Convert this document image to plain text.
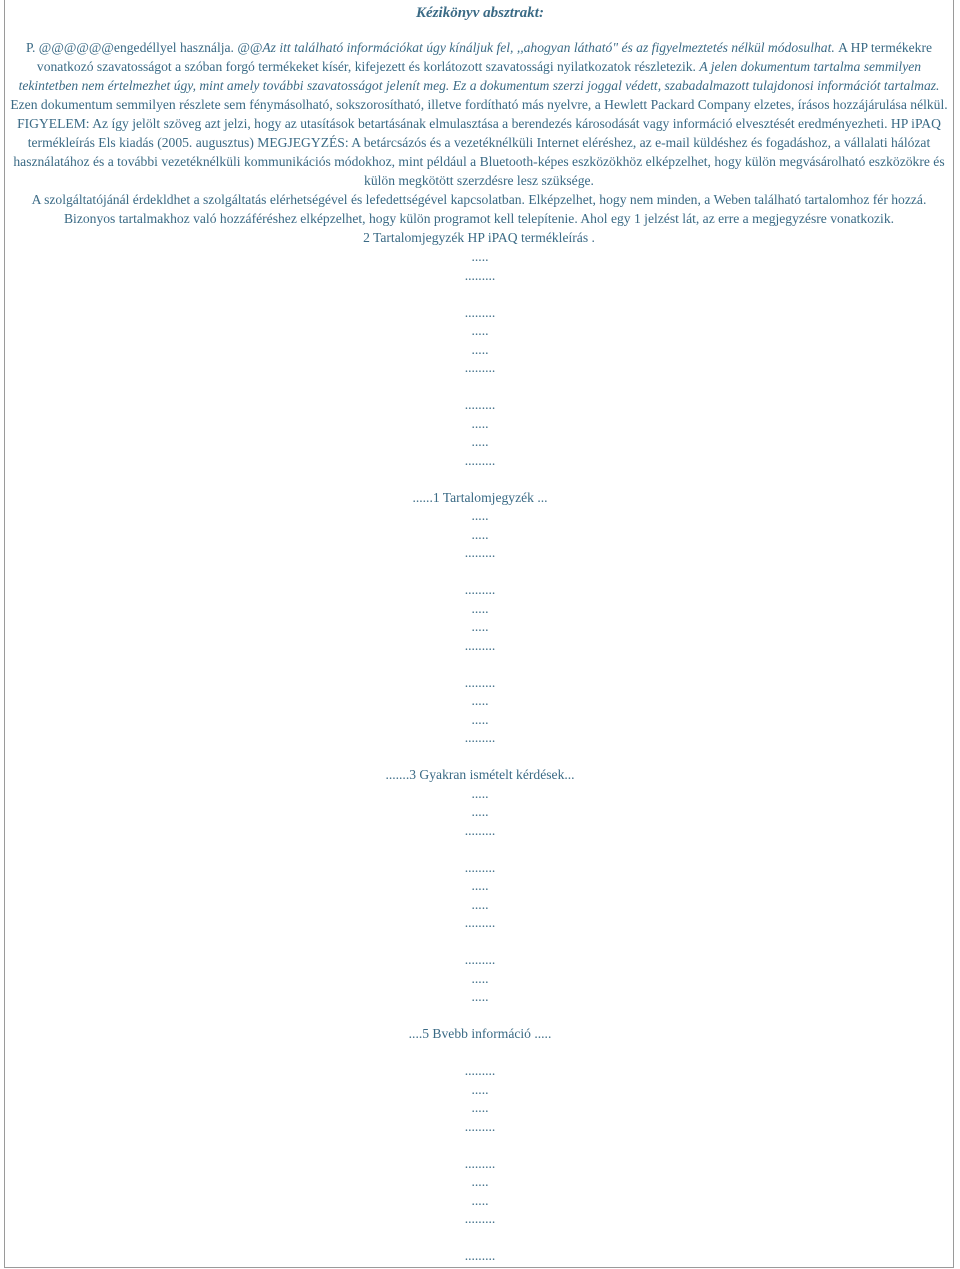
Kézikönyv absztrakt:

P. @@@@@@engedéllyel használja. @@Az itt található információkat úgy kínáljuk fel, ,,ahogyan látható" és az figyelmeztetés nélkül módosulhat. A HP termékekre vonatkozó szavatosságot a szóban forgó termékeket kísér, kifejezett és korlátozott szavatossági nyilatkozatok részletezik. A jelen dokumentum tartalma semmilyen tekintetben nem értelmezhet úgy, mint amely további szavatosságot jelenít meg. Ez a dokumentum szerzi joggal védett, szabadalmazott tulajdonosi információt tartalmaz. Ezen dokumentum semmilyen részlete sem fénymásolható, sokszorosítható, illetve fordítható más nyelvre, a Hewlett Packard Company elzetes, írásos hozzájárulása nélkül. FIGYELEM: Az így jelölt szöveg azt jelzi, hogy az utasítások betartásának elmulasztása a berendezés károsodását vagy információ elvesztését eredményezheti. HP iPAQ termékleírás Els kiadás (2005. augusztus) MEGJEGYZÉS: A betárcsázós és a vezetéknélküli Internet eléréshez, az e-mail küldéshez és fogadáshoz, a vállalati hálózat használatához és a további vezetéknélküli kommunikációs módokhoz, mint például a Bluetooth-képes eszközökhöz elképzelhet, hogy külön megvásárolható eszközökre és külön megkötött szerzdésre lesz szüksége.

A szolgáltatójánál érdekldhet a szolgáltatás elérhetségével és lefedettségével kapcsolatban. Elképzelhet, hogy nem minden, a Weben található tartalomhoz fér hozzá. Bizonyos tartalmakhoz való hozzáféréshez elképzelhet, hogy külön programot kell telepítenie. Ahol egy 1 jelzést lát, az erre a megjegyzésre vonatkozik.

2 Tartalomjegyzék HP iPAQ termékleírás .

.....
.........
.........
.....
.....
.........
.........
.....
.....
.........
......1 Tartalomjegyzék ...
.....
.....
.........
.........
.....
.....
.........
.........
.....
.....
.........
.......3 Gyakran ismételt kérdések...
.....
.....
.........
.........
.....
.....
.........
.........
.....
.....
....5 Bvebb információ .....
.........
.....
.....
.........
.........
.....
.....
.........
.........
